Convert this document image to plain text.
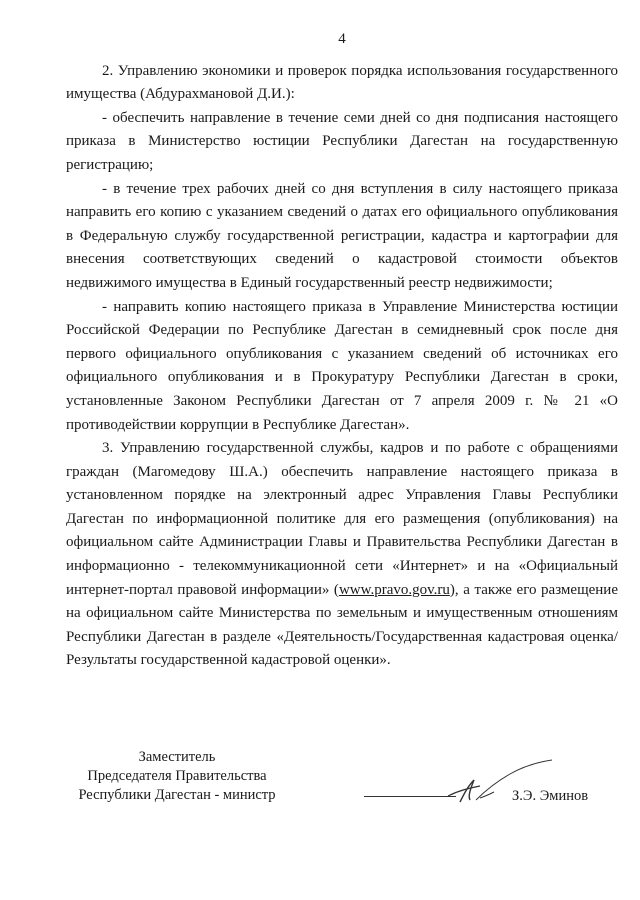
4

2. Управлению экономики и проверок порядка использования государственного имущества (Абдурахмановой Д.И.):

- обеспечить направление в течение семи дней со дня подписания настоящего приказа в Министерство юстиции Республики Дагестан на государственную регистрацию;

- в течение трех рабочих дней со дня вступления в силу настоящего приказа направить его копию с указанием сведений о датах его официального опубликования в Федеральную службу государственной регистрации, кадастра и картографии для внесения соответствующих сведений о кадастровой стоимости объектов недвижимого имущества в Единый государственный реестр недвижимости;

- направить копию настоящего приказа в Управление Министерства юстиции Российской Федерации по Республике Дагестан в семидневный срок после дня первого официального опубликования с указанием сведений об источниках его официального опубликования и в Прокуратуру Республики Дагестан в сроки, установленные Законом Республики Дагестан от 7 апреля 2009 г. № 21 «О противодействии коррупции в Республике Дагестан».

3. Управлению государственной службы, кадров и по работе с обращениями граждан (Магомедову Ш.А.) обеспечить направление настоящего приказа в установленном порядке на электронный адрес Управления Главы Республики Дагестан по информационной политике для его размещения (опубликования) на официальном сайте Администрации Главы и Правительства Республики Дагестан в информационно - телекоммуникационной сети «Интернет» и на «Официальный интернет-портал правовой информации» (www.pravo.gov.ru), а также его размещение на официальном сайте Министерства по земельным и имущественным отношениям Республики Дагестан в разделе «Деятельность/Государственная кадастровая оценка/Результаты государственной кадастровой оценки».

Заместитель
Председателя Правительства
Республики Дагестан - министр	З.Э. Эминов
